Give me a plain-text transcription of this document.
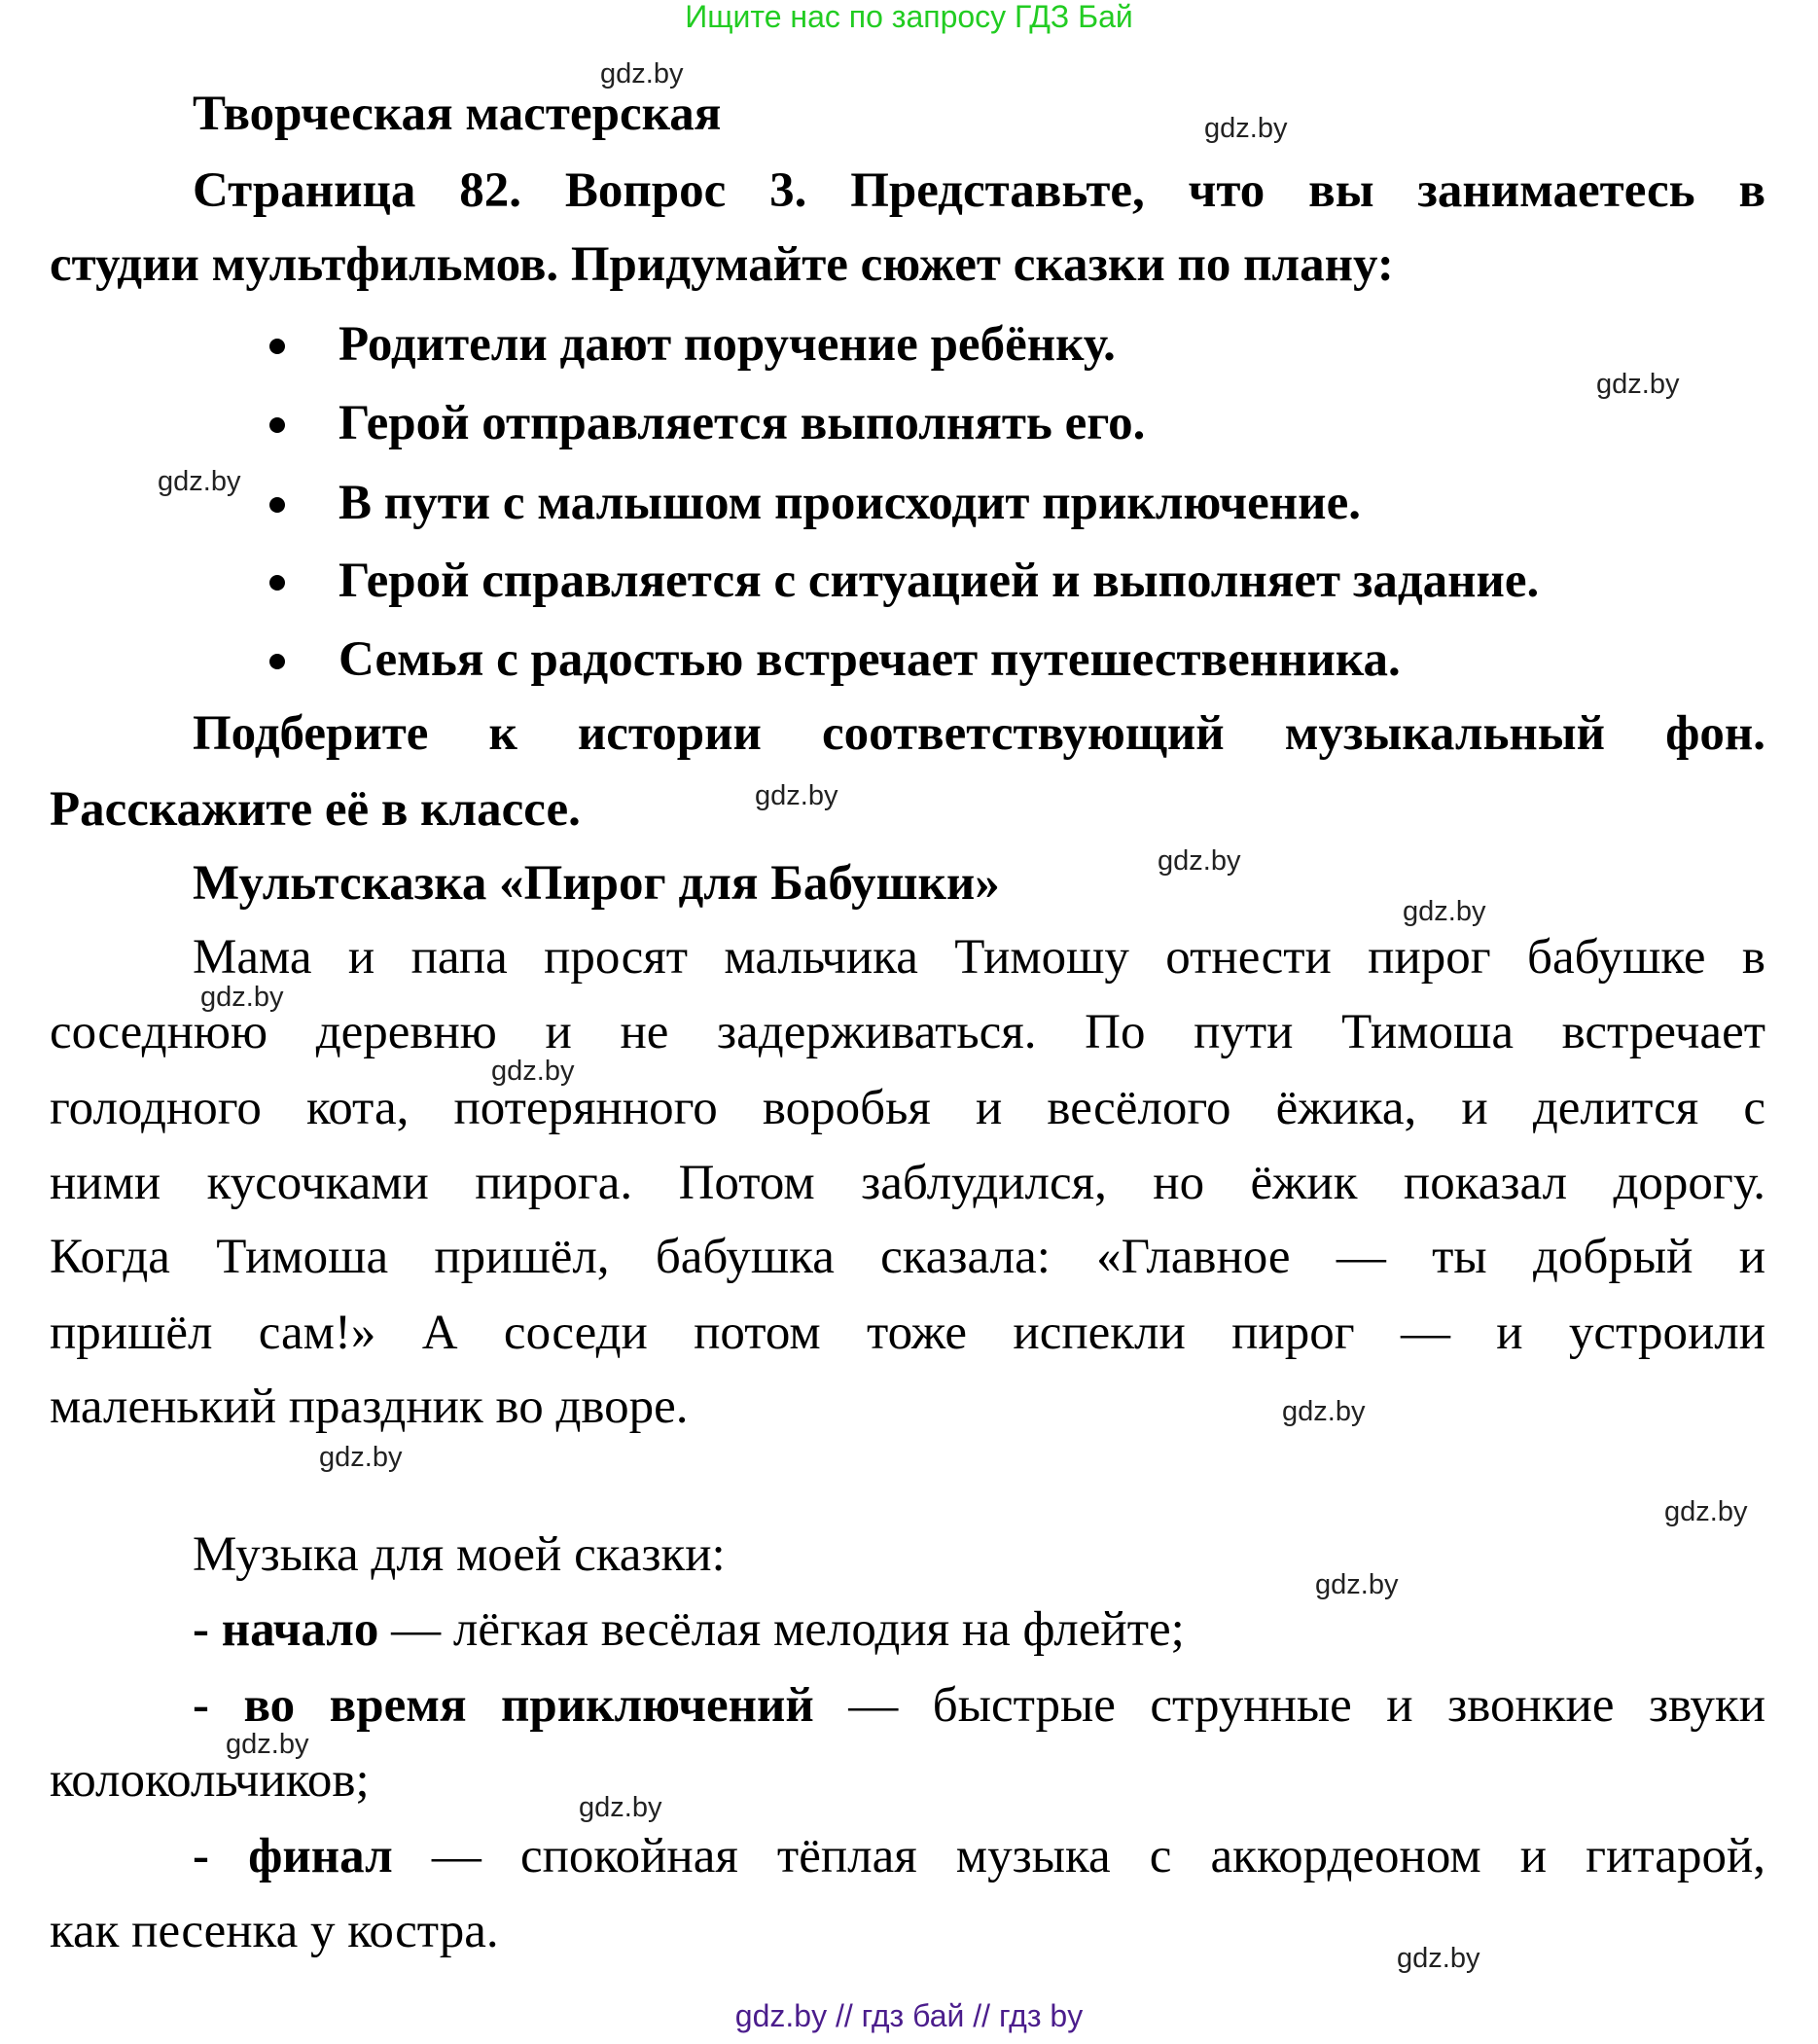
Ищите нас по запросу ГДЗ Бай
Творческая мастерская
Страница 82. Вопрос 3. Представьте, что вы занимаетесь в
студии мультфильмов. Придумайте сюжет сказки по плану:
Родители дают поручение ребёнку.
Герой отправляется выполнять его.
В пути с малышом происходит приключение.
Герой справляется с ситуацией и выполняет задание.
Семья с радостью встречает путешественника.
Подберите к истории соответствующий музыкальный фон.
Расскажите её в классе.
Мультсказка «Пирог для Бабушки»
Мама и папа просят мальчика Тимошу отнести пирог бабушке в
соседнюю деревню и не задерживаться. По пути Тимоша встречает
голодного кота, потерянного воробья и весёлого ёжика, и делится с
ними кусочками пирога. Потом заблудился, но ёжик показал дорогу.
Когда Тимоша пришёл, бабушка сказала: «Главное — ты добрый и
пришёл сам!» А соседи потом тоже испекли пирог — и устроили
маленький праздник во дворе.
Музыка для моей сказки:
- начало — лёгкая весёлая мелодия на флейте;
- во время приключений — быстрые струнные и звонкие звуки
колокольчиков;
- финал — спокойная тёплая музыка с аккордеоном и гитарой,
как песенка у костра.
gdz.by
gdz.by
gdz.by
gdz.by
gdz.by
gdz.by
gdz.by
gdz.by
gdz.by
gdz.by
gdz.by
gdz.by
gdz.by
gdz.by
gdz.by
gdz.by
gdz.by // гдз бай // гдз by
